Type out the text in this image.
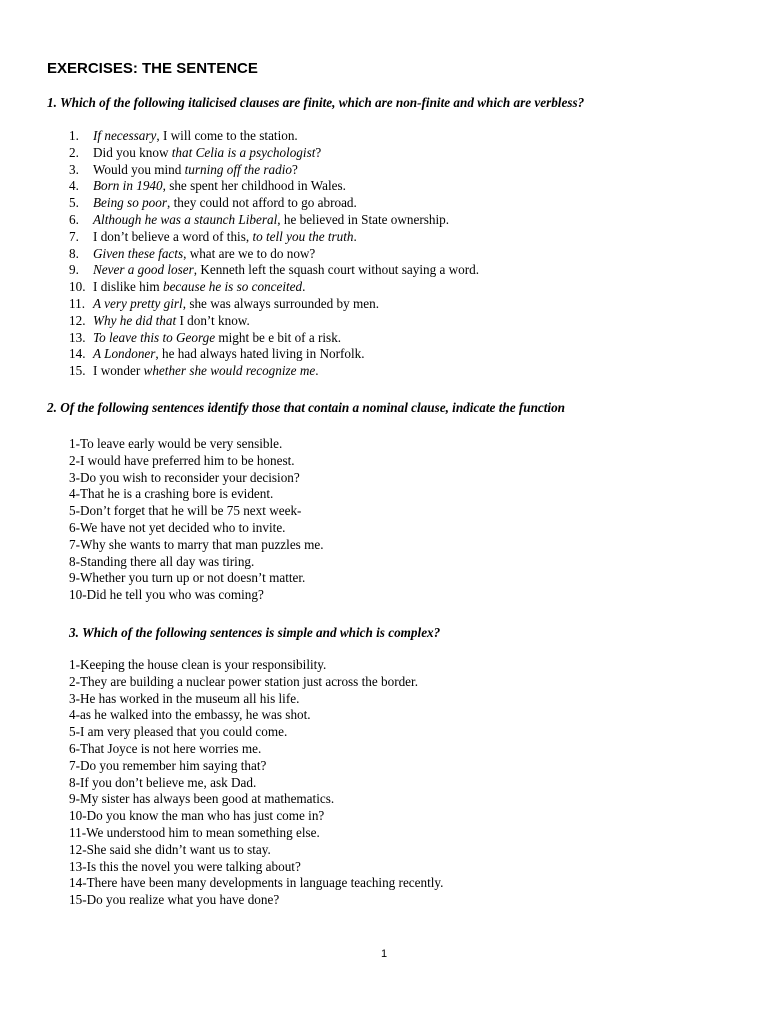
EXERCISES: THE SENTENCE
1. Which of the following italicised clauses are finite, which are non-finite and which are verbless?
1. If necessary, I will come to the station.
2. Did you know that Celia is a psychologist?
3. Would you mind turning off the radio?
4. Born in 1940, she spent her childhood in Wales.
5. Being so poor, they could not afford to go abroad.
6. Although he was a staunch Liberal, he believed in State ownership.
7. I don’t believe a word of this, to tell you the truth.
8. Given these facts, what are we to do now?
9. Never a good loser, Kenneth left the squash court without saying a word.
10. I dislike him because he is so conceited.
11. A very pretty girl, she was always surrounded by men.
12. Why he did that I don’t know.
13. To leave this to George might be e bit of a risk.
14. A Londoner, he had always hated living in Norfolk.
15. I wonder whether she would recognize me.
2. Of the following sentences identify those that contain a nominal clause, indicate the function
1-To leave early would be very sensible.
2-I would have preferred him to be honest.
3-Do you wish to reconsider your decision?
4-That he is a crashing bore is evident.
5-Don’t forget that he will be 75 next week-
6-We have not yet decided who to invite.
7-Why she wants to marry that man puzzles me.
8-Standing there all day was tiring.
9-Whether you turn up or not doesn’t matter.
10-Did he tell you who was coming?
3. Which of the following sentences is simple and which is complex?
1-Keeping the house clean is your responsibility.
2-They are building a nuclear power station just across the border.
3-He has worked in the museum all his life.
4-as he walked into the embassy, he was shot.
5-I am very pleased that you could come.
6-That Joyce is not here worries me.
7-Do you remember him saying that?
8-If you don’t believe me, ask Dad.
9-My sister has always been good at mathematics.
10-Do you know the man who has just come in?
11-We understood him to mean something else.
12-She said she didn’t want us to stay.
13-Is this the novel you were talking about?
14-There have been many developments in language teaching recently.
15-Do you realize what you have done?
1
